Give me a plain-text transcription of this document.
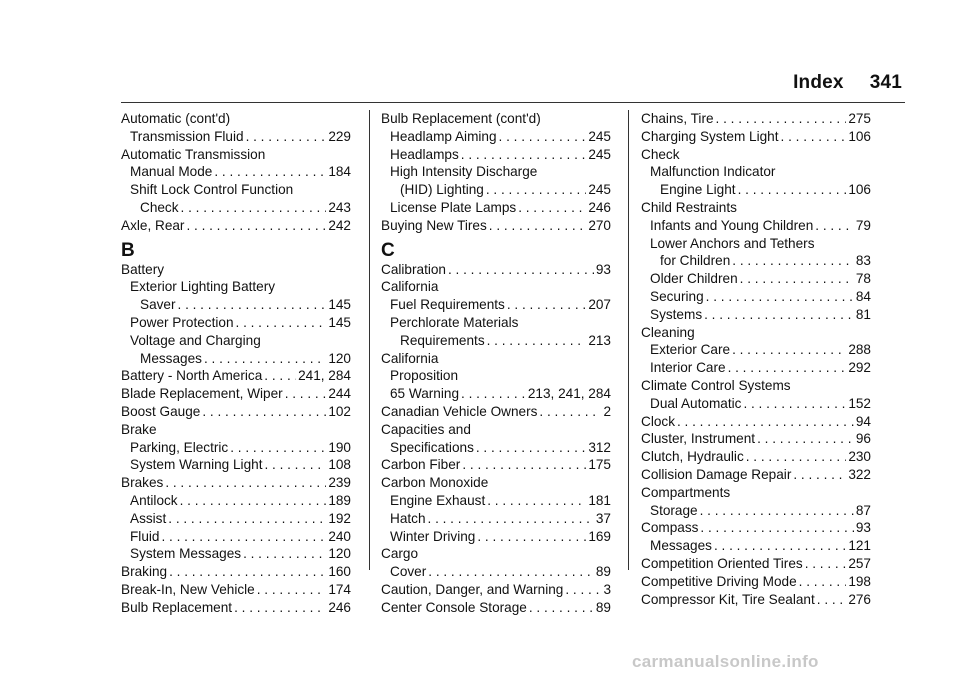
Index 341
Automatic (cont'd)
Transmission Fluid . . .	229
Automatic Transmission
Manual Mode . . .	184
Shift Lock Control Function
Check . . .	243
Axle, Rear . . .	242
B
Battery
Exterior Lighting Battery
Saver . . .	145
Power Protection . . .	145
Voltage and Charging
Messages . . .	120
Battery - North America . . .	241, 284
Blade Replacement, Wiper . . .	244
Boost Gauge . . .	102
Brake
Parking, Electric . . .	190
System Warning Light . . .	108
Brakes . . .	239
Antilock . . .	189
Assist . . .	192
Fluid . . .	240
System Messages . . .	120
Braking . . .	160
Break-In, New Vehicle . . .	174
Bulb Replacement . . .	246
Bulb Replacement (cont'd)
Headlamp Aiming . . .	245
Headlamps . . .	245
High Intensity Discharge
(HID) Lighting . . .	245
License Plate Lamps . . .	246
Buying New Tires . . .	270
C
Calibration . . .	93
California
Fuel Requirements . . .	207
Perchlorate Materials
Requirements . . .	213
California
Proposition
65 Warning . . .	213, 241, 284
Canadian Vehicle Owners . . .	2
Capacities and
Specifications . . .	312
Carbon Fiber . . .	175
Carbon Monoxide
Engine Exhaust . . .	181
Hatch . . .	37
Winter Driving . . .	169
Cargo
Cover . . .	89
Caution, Danger, and Warning . . .	3
Center Console Storage . . .	89
Chains, Tire . . .	275
Charging System Light . . .	106
Check
Malfunction Indicator
Engine Light . . .	106
Child Restraints
Infants and Young Children . . .	79
Lower Anchors and Tethers
for Children . . .	83
Older Children . . .	78
Securing . . .	84
Systems . . .	81
Cleaning
Exterior Care . . .	288
Interior Care . . .	292
Climate Control Systems
Dual Automatic . . .	152
Clock . . .	94
Cluster, Instrument . . .	96
Clutch, Hydraulic . . .	230
Collision Damage Repair . . .	322
Compartments
Storage . . .	87
Compass . . .	93
Messages . . .	121
Competition Oriented Tires . . .	257
Competitive Driving Mode . . .	198
Compressor Kit, Tire Sealant . . . 276
carmanualsonline.info
